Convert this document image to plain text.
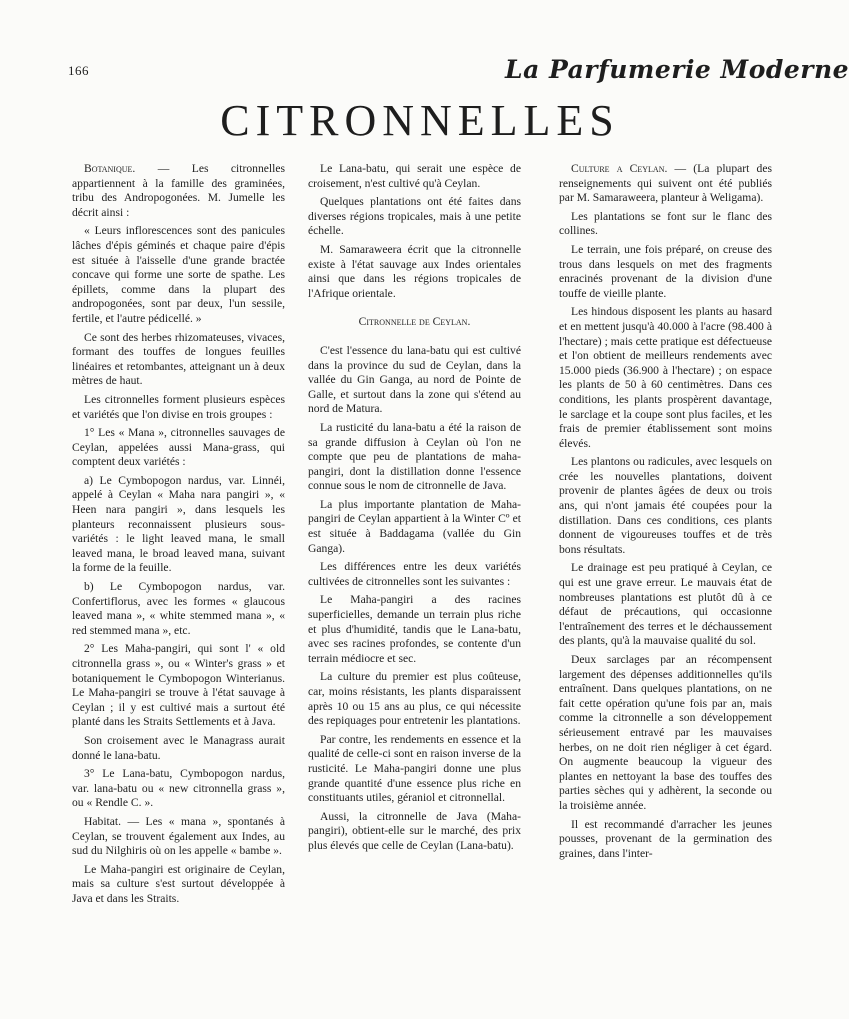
166	La Parfumerie Moderne
CITRONNELLES

Botanique. — Les citronnelles appartiennent à la famille des graminées, tribu des Andropogonées. M. Jumelle les décrit ainsi :

« Leurs inflorescences sont des panicules lâches d'épis géminés et chaque paire d'épis est située à l'aisselle d'une grande bractée concave qui forme une sorte de spathe. Les épillets, comme dans la plupart des andropogonées, sont par deux, l'un sessile, fertile, et l'autre pédicellé. »

Ce sont des herbes rhizomateuses, vivaces, formant des touffes de longues feuilles linéaires et retombantes, atteignant un à deux mètres de haut.

Les citronnelles forment plusieurs espèces et variétés que l'on divise en trois groupes :

1° Les « Mana », citronnelles sauvages de Ceylan, appelées aussi Mana-grass, qui comptent deux variétés :

a) Le Cymbopogon nardus, var. Linnéi, appelé à Ceylan « Maha nara pangiri », « Heen nara pangiri », dans lesquels les planteurs reconnaissent plusieurs sous-variétés : le light leaved mana, le small leaved mana, le broad leaved mana, suivant la forme de la feuille.

b) Le Cymbopogon nardus, var. Confertiflorus, avec les formes « glaucous leaved mana », « white stemmed mana », « red stemmed mana », etc.

2° Les Maha-pangiri, qui sont l' « old citronnella grass », ou « Winter's grass » et botaniquement le Cymbopogon Winterianus. Le Maha-pangiri se trouve à l'état sauvage à Ceylan ; il y est cultivé mais a surtout été planté dans les Straits Settlements et à Java.

Son croisement avec le Managrass aurait donné le lana-batu.

3° Le Lana-batu, Cymbopogon nardus, var. lana-batu ou « new citronnella grass », ou « Rendle C. ».

Habitat. — Les « mana », spontanés à Ceylan, se trouvent également aux Indes, au sud du Nilghiris où on les appelle « bambe ».

Le Maha-pangiri est originaire de Ceylan, mais sa culture s'est surtout développée à Java et dans les Straits.

Le Lana-batu, qui serait une espèce de croisement, n'est cultivé qu'à Ceylan.

Quelques plantations ont été faites dans diverses régions tropicales, mais à une petite échelle.

M. Samaraweera écrit que la citronnelle existe à l'état sauvage aux Indes orientales ainsi que dans les régions tropicales de l'Afrique orientale.

Citronnelle de Ceylan.

C'est l'essence du lana-batu qui est cultivé dans la province du sud de Ceylan, dans la vallée du Gin Ganga, au nord de Pointe de Galle, et surtout dans la zone qui s'étend au nord de Matura.

La rusticité du lana-batu a été la raison de sa grande diffusion à Ceylan où l'on ne compte que peu de plantations de maha-pangiri, dont la distillation donne l'essence connue sous le nom de citronnelle de Java.

La plus importante plantation de Maha-pangiri de Ceylan appartient à la Winter Cº et est située à Baddagama (vallée du Gin Ganga).

Les différences entre les deux variétés cultivées de citronnelles sont les suivantes :

Le Maha-pangiri a des racines superficielles, demande un terrain plus riche et plus d'humidité, tandis que le Lana-batu, avec ses racines profondes, se contente d'un terrain médiocre et sec.

La culture du premier est plus coûteuse, car, moins résistants, les plants disparaissent après 10 ou 15 ans au plus, ce qui nécessite des repiquages pour entretenir les plantations.

Par contre, les rendements en essence et la qualité de celle-ci sont en raison inverse de la rusticité. Le Maha-pangiri donne une plus grande quantité d'une essence plus riche en constituants utiles, géraniol et citronnellal.

Aussi, la citronnelle de Java (Maha-pangiri), obtient-elle sur le marché, des prix plus élevés que celle de Ceylan (Lana-batu).

Culture a Ceylan. — (La plupart des renseignements qui suivent ont été publiés par M. Samaraweera, planteur à Weligama).

Les plantations se font sur le flanc des collines.

Le terrain, une fois préparé, on creuse des trous dans lesquels on met des fragments enracinés provenant de la division d'une touffe de vieille plante.

Les hindous disposent les plants au hasard et en mettent jusqu'à 40.000 à l'acre (98.400 à l'hectare) ; mais cette pratique est défectueuse et l'on obtient de meilleurs rendements avec 15.000 pieds (36.900 à l'hectare) ; on espace les plants de 50 à 60 centimètres. Dans ces conditions, les plants prospèrent davantage, le sarclage et la coupe sont plus faciles, et les frais de premier établissement sont moins élevés.

Les plantons ou radicules, avec lesquels on crée les nouvelles plantations, doivent provenir de plantes âgées de deux ou trois ans, qui n'ont jamais été coupées pour la distillation. Dans ces conditions, ces plants donnent de vigoureuses touffes et de très bons résultats.

Le drainage est peu pratiqué à Ceylan, ce qui est une grave erreur. Le mauvais état de nombreuses plantations est plutôt dû à ce défaut de précautions, qui occasionne l'entraînement des terres et le déchaussement des plants, qu'à la mauvaise qualité du sol.

Deux sarclages par an récompensent largement des dépenses additionnelles qu'ils entraînent. Dans quelques plantations, on ne fait cette opération qu'une fois par an, mais comme la citronnelle a son développement sérieusement entravé par les mauvaises herbes, on ne doit rien négliger à cet égard. On augmente beaucoup la vigueur des plantes en nettoyant la base des touffes des parties sèches qui y adhèrent, la seconde ou la troisième année.

Il est recommandé d'arracher les jeunes pousses, provenant de la germination des graines, dans l'inter-
